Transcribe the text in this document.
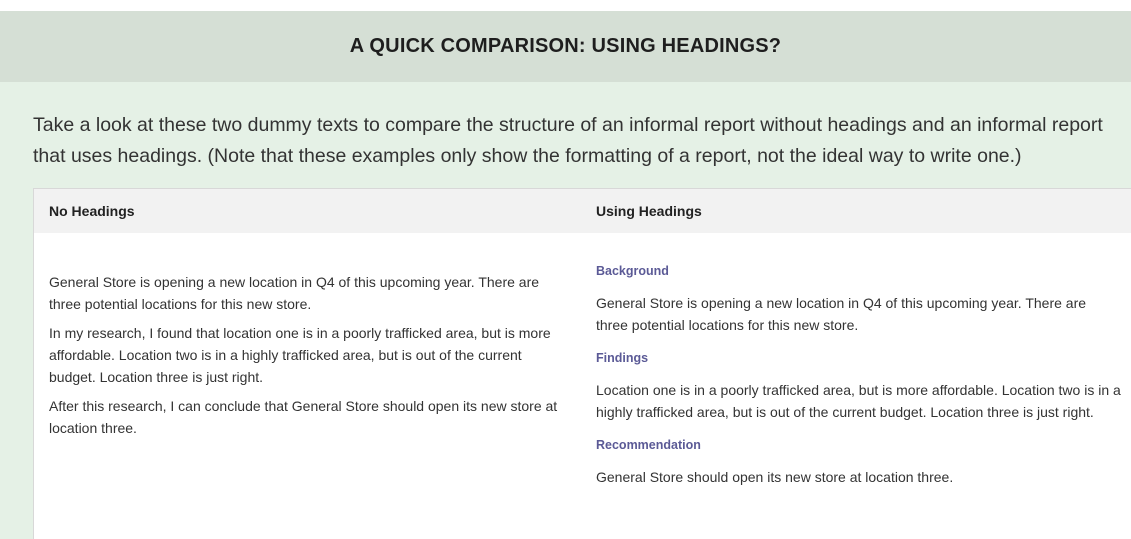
A QUICK COMPARISON: USING HEADINGS?
Take a look at these two dummy texts to compare the structure of an informal report without headings and an informal report that uses headings. (Note that these examples only show the formatting of a report, not the ideal way to write one.)
No Headings	Using Headings

General Store is opening a new location in Q4 of this upcoming year. There are three potential locations for this new store.

In my research, I found that location one is in a poorly trafficked area, but is more affordable. Location two is in a highly trafficked area, but is out of the current budget. Location three is just right.

After this research, I can conclude that General Store should open its new store at location three.

Background

General Store is opening a new location in Q4 of this upcoming year. There are three potential locations for this new store.

Findings

Location one is in a poorly trafficked area, but is more affordable. Location two is in a highly trafficked area, but is out of the current budget. Location three is just right.

Recommendation

General Store should open its new store at location three.
